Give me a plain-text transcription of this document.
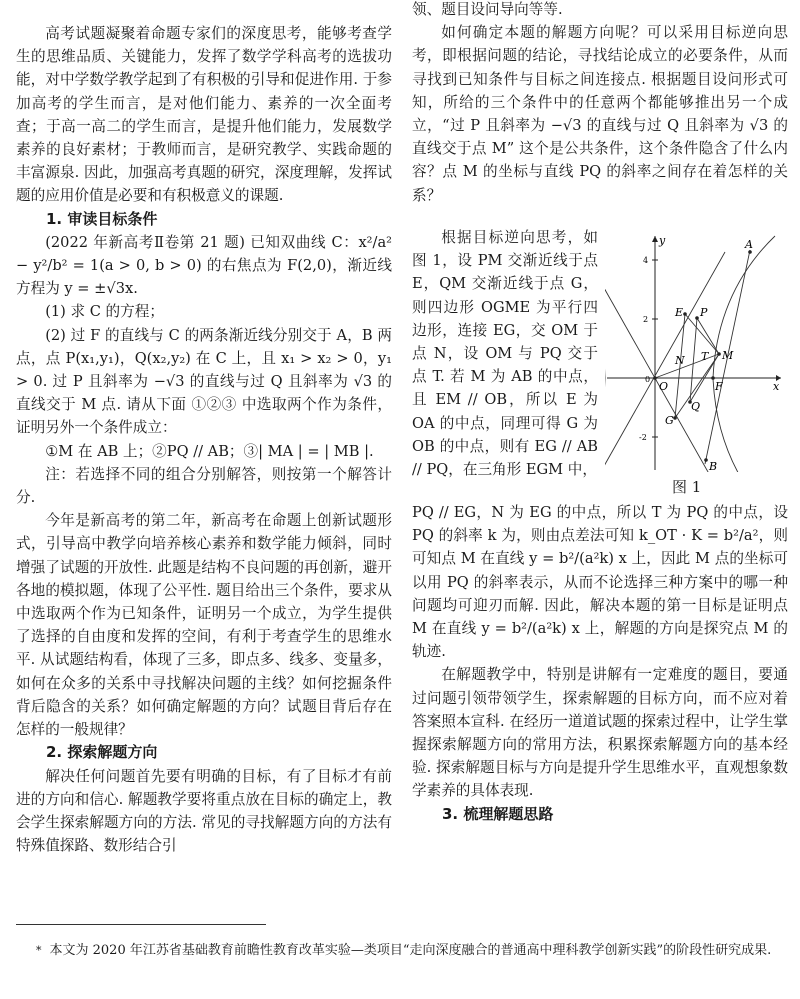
高考试题凝聚着命题专家们的深度思考，能够考查学生的思维品质、关键能力，发挥了数学学科高考的选拔功能，对中学数学教学起到了有积极的引导和促进作用. 于参加高考的学生而言，是对他们能力、素养的一次全面考查；于高一高二的学生而言，是提升他们能力，发展数学素养的良好素材；于教师而言，是研究教学、实践命题的丰富源泉. 因此，加强高考真题的研究，深度理解，发挥试题的应用价值是必要和有积极意义的课题.

1. 审读目标条件

(2022 年新高考Ⅱ卷第 21 题) 已知双曲线 C：x²/a² − y²/b² = 1(a > 0, b > 0) 的右焦点为 F(2,0)，渐近线方程为 y = ±√3x.

(1) 求 C 的方程；

(2) 过 F 的直线与 C 的两条渐近线分别交于 A，B 两点，点 P(x₁,y₁)，Q(x₂,y₂) 在 C 上，且 x₁ > x₂ > 0，y₁ > 0. 过 P 且斜率为 −√3 的直线与过 Q 且斜率为 √3 的直线交于 M 点. 请从下面 ①②③ 中选取两个作为条件，证明另外一个条件成立：

①M 在 AB 上；②PQ // AB；③| MA | = | MB |.

注：若选择不同的组合分别解答，则按第一个解答计分.

今年是新高考的第二年，新高考在命题上创新试题形式，引导高中教学向培养核心素养和数学能力倾斜，同时增强了试题的开放性. 此题是结构不良问题的再创新，避开各地的模拟题，体现了公平性. 题目给出三个条件，要求从中选取两个作为已知条件，证明另一个成立，为学生提供了选择的自由度和发挥的空间，有利于考查学生的思维水平. 从试题结构看，体现了三多，即点多、线多、变量多，如何在众多的关系中寻找解决问题的主线？如何挖掘条件背后隐含的关系？如何确定解题的方向？试题目背后存在怎样的一般规律？

2. 探索解题方向

解决任何问题首先要有明确的目标，有了目标才有前进的方向和信心. 解题教学要将重点放在目标的确定上，教会学生探索解题方向的方法. 常见的寻找解题方向的方法有特殊值探路、数形结合引

领、题目设问导向等等.

如何确定本题的解题方向呢？可以采用目标逆向思考，即根据问题的结论，寻找结论成立的必要条件，从而寻找到已知条件与目标之间连接点. 根据题目设问形式可知，所给的三个条件中的任意两个都能够推出另一个成立，“过 P 且斜率为 −√3 的直线与过 Q 且斜率为 √3 的直线交于点 M” 这个是公共条件，这个条件隐含了什么内容？点 M 的坐标与直线 PQ 的斜率之间存在着怎样的关系？

根据目标逆向思考，如图 1，设 PM 交渐近线于点 E，QM 交渐近线于点 G，则四边形 OGME 为平行四边形，连接 EG，交 OM 于点 N，设 OM 与 PQ 交于点 T. 若 M 为 AB 的中点，且 EM // OB，所以 E 为 OA 的中点，同理可得 G 为 OB 的中点，则有 EG // AB // PQ，在三角形 EGM 中，

y
x
A
B
E P
N T M
O	F
G
Q
4
2
-2
0
图 1

PQ // EG，N 为 EG 的中点，所以 T 为 PQ 的中点，设 PQ 的斜率 k 为，则由点差法可知 k_OT · K = b²/a²，则可知点 M 在直线 y = b²/(a²k) x 上，因此 M 点的坐标可以用 PQ 的斜率表示，从而不论选择三种方案中的哪一种问题均可迎刃而解. 因此，解决本题的第一目标是证明点 M 在直线 y = b²/(a²k) x 上，解题的方向是探究点 M 的轨迹.

在解题教学中，特别是讲解有一定难度的题目，要通过问题引领带领学生，探索解题的目标方向，而不应对着答案照本宣科. 在经历一道道试题的探索过程中，让学生掌握探索解题方向的常用方法，积累探索解题方向的基本经验. 探索解题目标与方向是提升学生思维水平，直观想象数学素养的具体表现.

3. 梳理解题思路
* 本文为 2020 年江苏省基础教育前瞻性教育改革实验—类项目“走向深度融合的普通高中理科教学创新实践”的阶段性研究成果.
